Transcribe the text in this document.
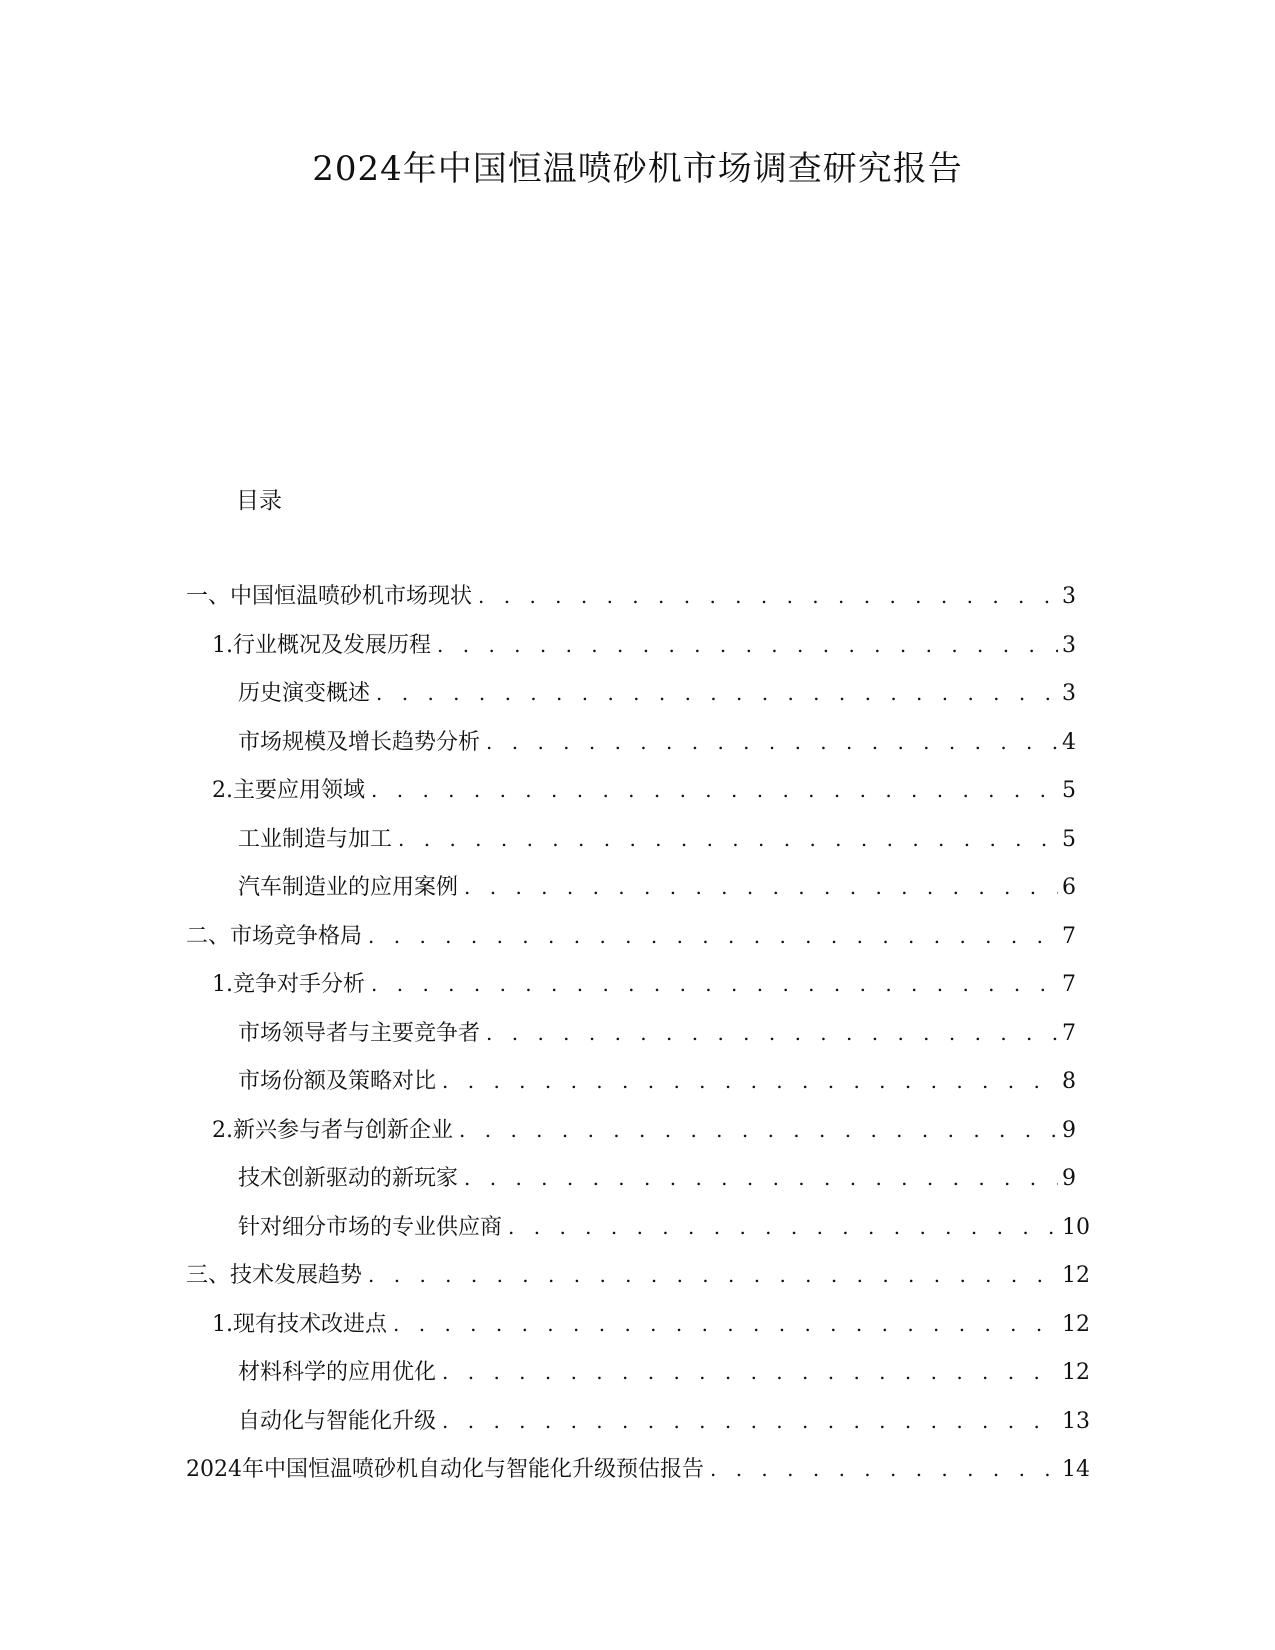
2024年中国恒温喷砂机市场调查研究报告
目录
一、中国恒温喷砂机市场现状 . . .	3
1. 行业概况及发展历程 . . .	3
历史演变概述 . . .	3
市场规模及增长趋势分析 . . .	4
2. 主要应用领域 . . .	5
工业制造与加工 . . .	5
汽车制造业的应用案例 . . .	6
二、市场竞争格局 . . .	7
1. 竞争对手分析 . . .	7
市场领导者与主要竞争者 . . .	7
市场份额及策略对比 . . .	8
2. 新兴参与者与创新企业 . . .	9
技术创新驱动的新玩家 . . .	9
针对细分市场的专业供应商 . . .	10
三、技术发展趋势 . . .	12
1. 现有技术改进点 . . .	12
材料科学的应用优化 . . .	12
自动化与智能化升级 . . .	13
2024年中国恒温喷砂机自动化与智能化升级预估报告 . . .	14
